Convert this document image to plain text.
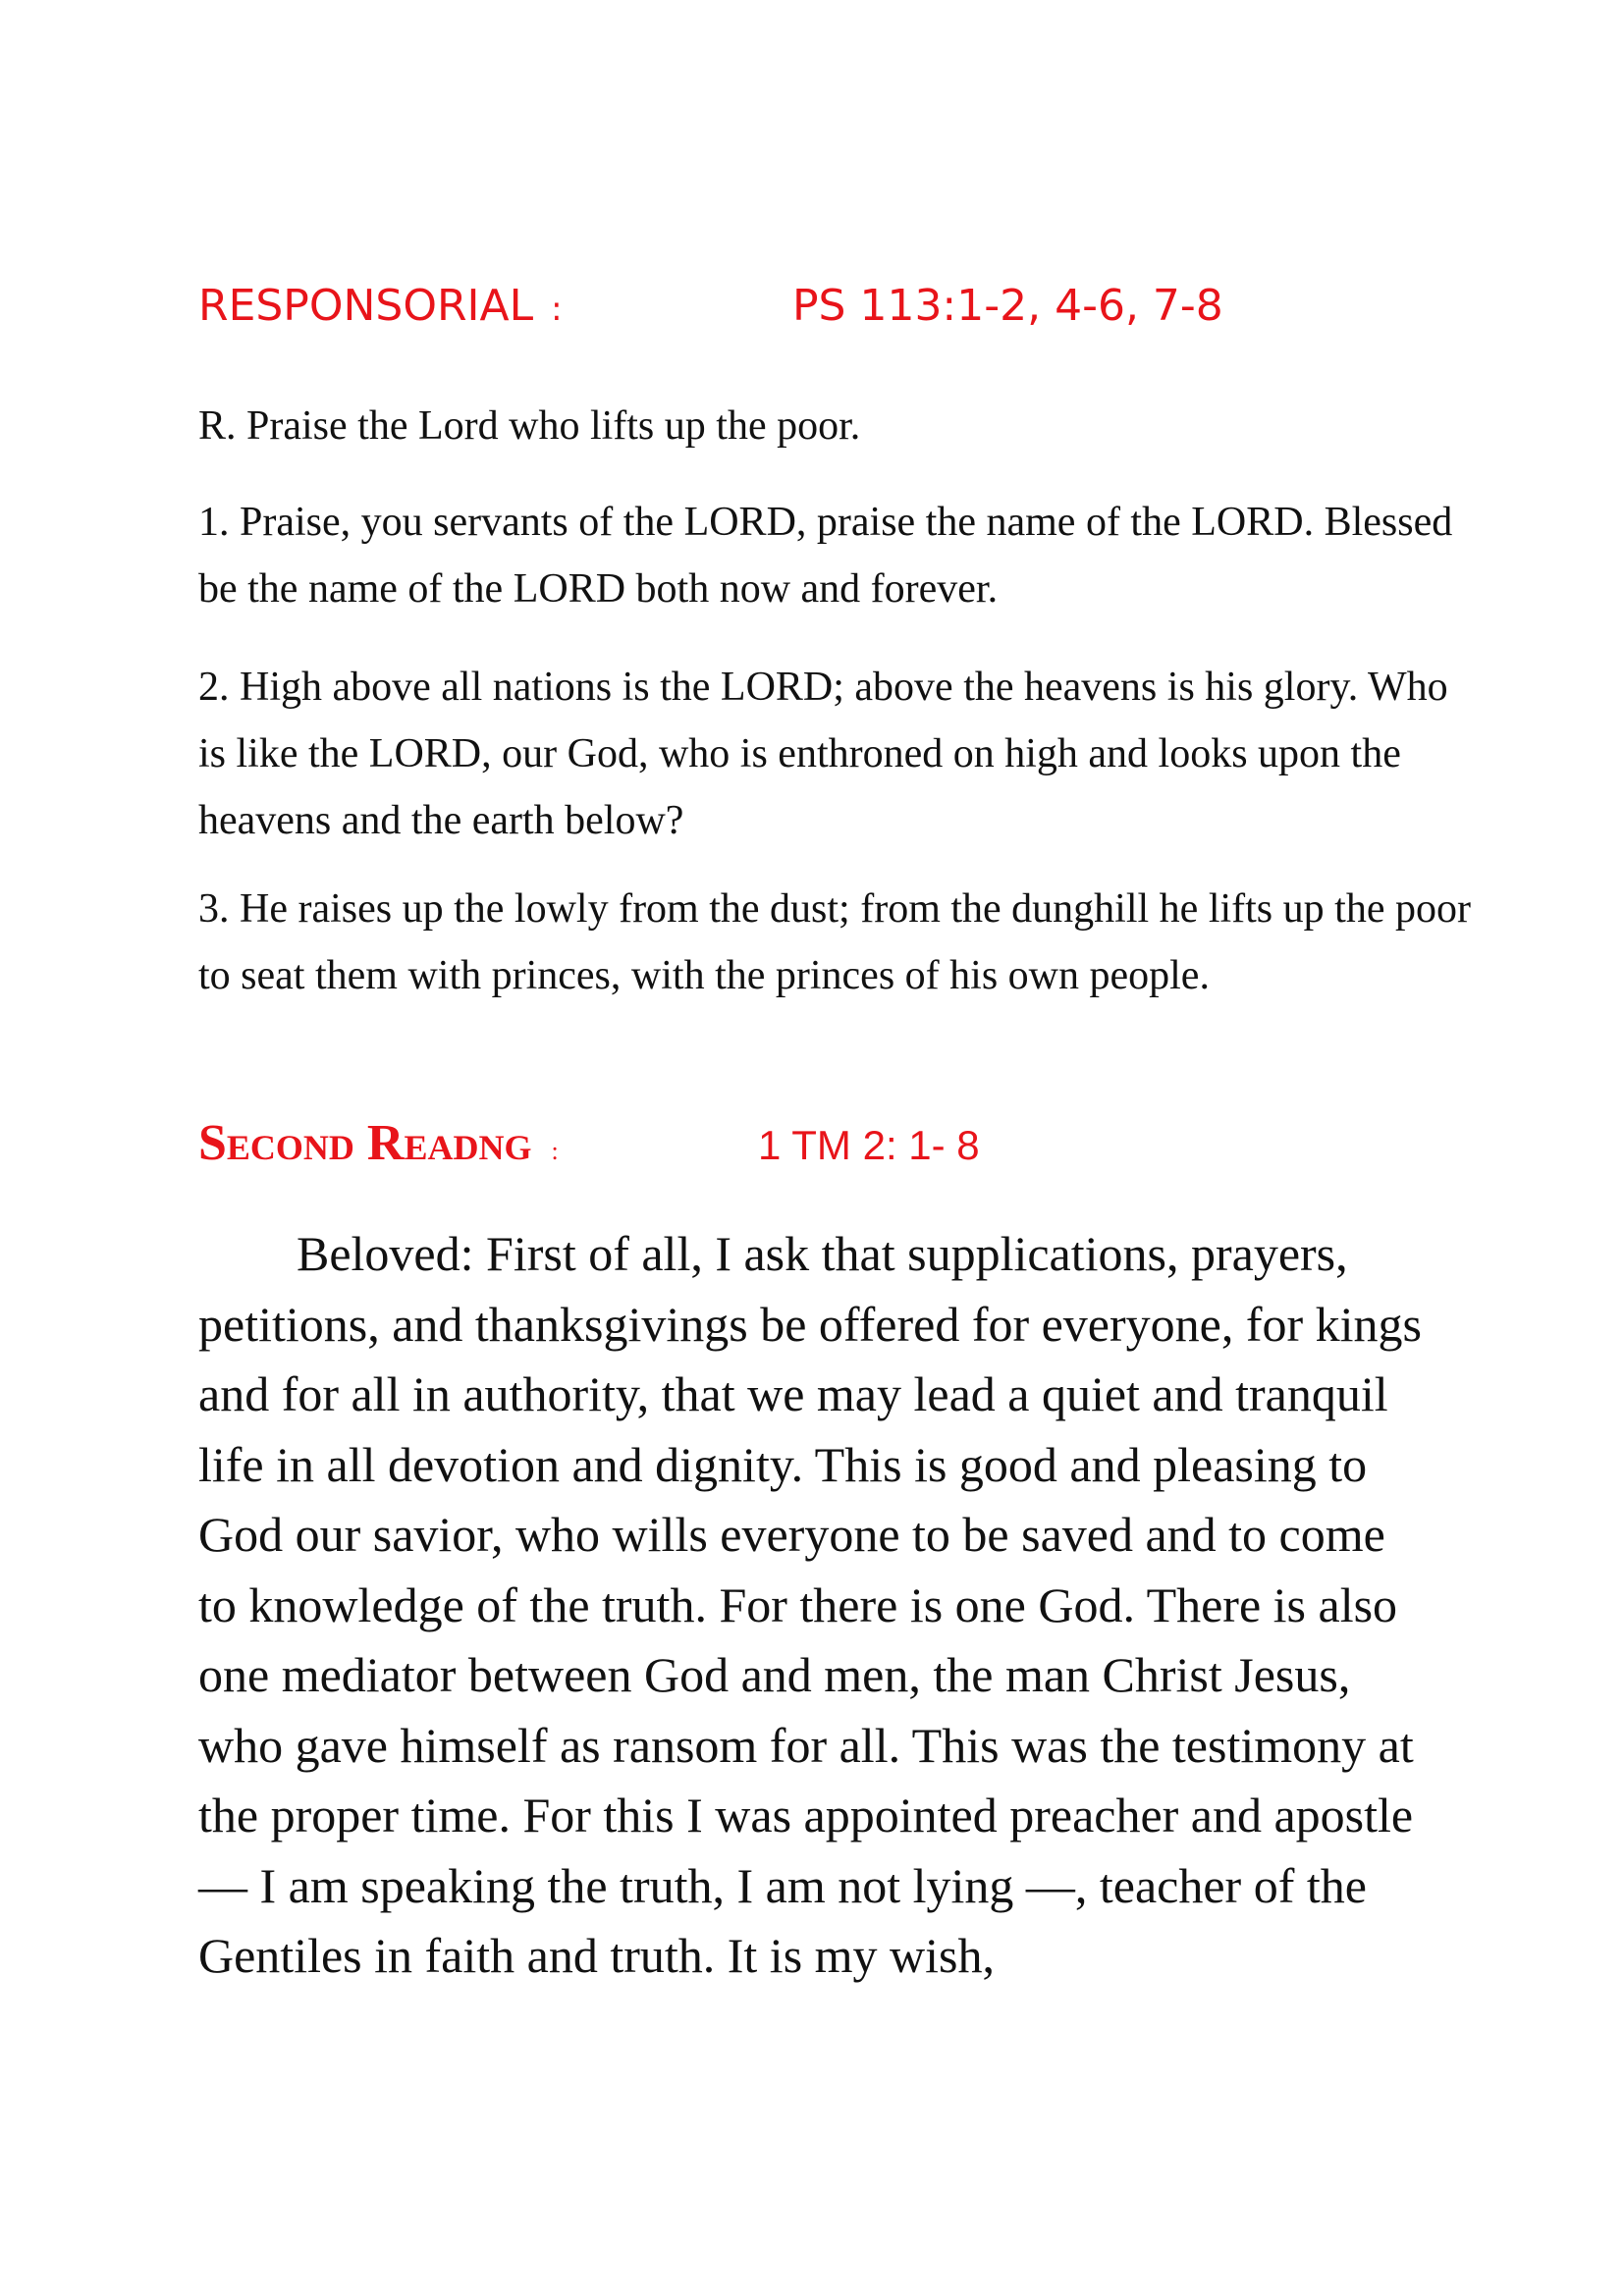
RESPONSORIAL :	PS 113:1-2, 4-6, 7-8

R. Praise the Lord who lifts up the poor.

1. Praise, you servants of the LORD, praise the name of the LORD. Blessed be the name of the LORD both now and forever.

2. High above all nations is the LORD; above the heavens is his glory. Who is like the LORD, our God, who is enthroned on high and looks upon the heavens and the earth below?

3. He raises up the lowly from the dust; from the dunghill he lifts up the poor to seat them with princes, with the princes of his own people.

Second Readng :	1 TM 2: 1- 8

Beloved: First of all, I ask that supplications, prayers, petitions, and thanksgivings be offered for everyone, for kings and for all in authority, that we may lead a quiet and tranquil life in all devotion and dignity. This is good and pleasing to God our savior, who wills everyone to be saved and to come to knowledge of the truth. For there is one God. There is also one mediator between God and men, the man Christ Jesus, who gave himself as ransom for all. This was the testimony at the proper time. For this I was appointed preacher and apostle — I am speaking the truth, I am not lying —, teacher of the Gentiles in faith and truth. It is my wish,
